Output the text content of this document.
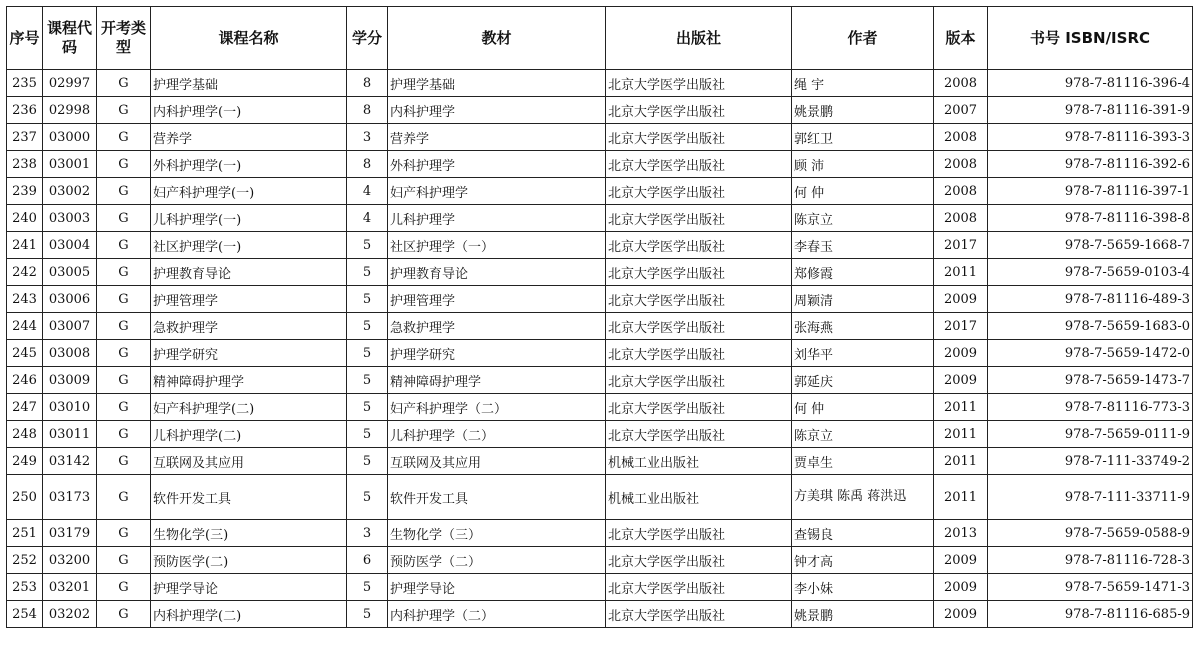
序号	课程代码	开考类型	课程名称	学分	教材	出版社	作者	版本	书号 ISBN/ISRC
235	02997	G	护理学基础	8	护理学基础	北京大学医学出版社	绳 宇	2008	978-7-81116-396-4
236	02998	G	内科护理学(一)	8	内科护理学	北京大学医学出版社	姚景鹏	2007	978-7-81116-391-9
237	03000	G	营养学	3	营养学	北京大学医学出版社	郭红卫	2008	978-7-81116-393-3
238	03001	G	外科护理学(一)	8	外科护理学	北京大学医学出版社	顾 沛	2008	978-7-81116-392-6
239	03002	G	妇产科护理学(一)	4	妇产科护理学	北京大学医学出版社	何 仲	2008	978-7-81116-397-1
240	03003	G	儿科护理学(一)	4	儿科护理学	北京大学医学出版社	陈京立	2008	978-7-81116-398-8
241	03004	G	社区护理学(一)	5	社区护理学（一）	北京大学医学出版社	李春玉	2017	978-7-5659-1668-7
242	03005	G	护理教育导论	5	护理教育导论	北京大学医学出版社	郑修霞	2011	978-7-5659-0103-4
243	03006	G	护理管理学	5	护理管理学	北京大学医学出版社	周颖清	2009	978-7-81116-489-3
244	03007	G	急救护理学	5	急救护理学	北京大学医学出版社	张海燕	2017	978-7-5659-1683-0
245	03008	G	护理学研究	5	护理学研究	北京大学医学出版社	刘华平	2009	978-7-5659-1472-0
246	03009	G	精神障碍护理学	5	精神障碍护理学	北京大学医学出版社	郭延庆	2009	978-7-5659-1473-7
247	03010	G	妇产科护理学(二)	5	妇产科护理学（二）	北京大学医学出版社	何 仲	2011	978-7-81116-773-3
248	03011	G	儿科护理学(二)	5	儿科护理学（二）	北京大学医学出版社	陈京立	2011	978-7-5659-0111-9
249	03142	G	互联网及其应用	5	互联网及其应用	机械工业出版社	贾卓生	2011	978-7-111-33749-2
250	03173	G	软件开发工具	5	软件开发工具	机械工业出版社	方美琪 陈禹 蒋洪迅	2011	978-7-111-33711-9
251	03179	G	生物化学(三)	3	生物化学（三）	北京大学医学出版社	查锡良	2013	978-7-5659-0588-9
252	03200	G	预防医学(二)	6	预防医学（二）	北京大学医学出版社	钟才高	2009	978-7-81116-728-3
253	03201	G	护理学导论	5	护理学导论	北京大学医学出版社	李小妹	2009	978-7-5659-1471-3
254	03202	G	内科护理学(二)	5	内科护理学（二）	北京大学医学出版社	姚景鹏	2009	978-7-81116-685-9
